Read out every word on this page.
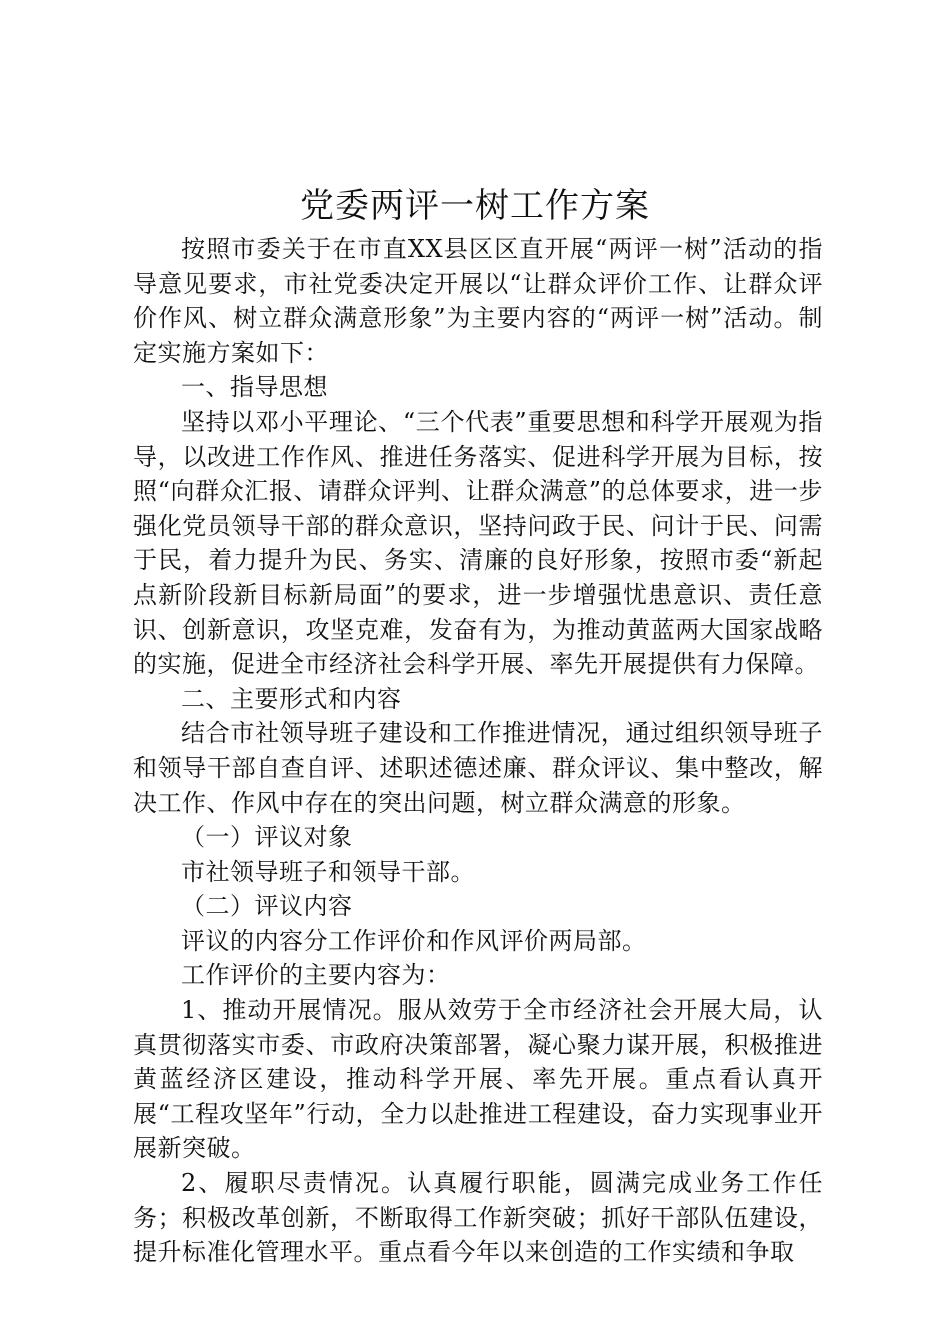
党委两评一树工作方案

按照市委关于在市直XX县区区直开展“两评一树”活动的指导意见要求，市社党委决定开展以“让群众评价工作、让群众评价作风、树立群众满意形象”为主要内容的“两评一树”活动。制定实施方案如下：

一、指导思想

坚持以邓小平理论、“三个代表”重要思想和科学开展观为指导，以改进工作作风、推进任务落实、促进科学开展为目标，按照“向群众汇报、请群众评判、让群众满意”的总体要求，进一步强化党员领导干部的群众意识，坚持问政于民、问计于民、问需于民，着力提升为民、务实、清廉的良好形象，按照市委“新起点新阶段新目标新局面”的要求，进一步增强忧患意识、责任意识、创新意识，攻坚克难，发奋有为，为推动黄蓝两大国家战略的实施，促进全市经济社会科学开展、率先开展提供有力保障。

二、主要形式和内容

结合市社领导班子建设和工作推进情况，通过组织领导班子和领导干部自查自评、述职述德述廉、群众评议、集中整改，解决工作、作风中存在的突出问题，树立群众满意的形象。

（一）评议对象

市社领导班子和领导干部。

（二）评议内容

评议的内容分工作评价和作风评价两局部。

工作评价的主要内容为：

1、推动开展情况。服从效劳于全市经济社会开展大局，认真贯彻落实市委、市政府决策部署，凝心聚力谋开展，积极推进黄蓝经济区建设，推动科学开展、率先开展。重点看认真开展“工程攻坚年”行动，全力以赴推进工程建设，奋力实现事业开展新突破。

2、履职尽责情况。认真履行职能，圆满完成业务工作任务；积极改革创新，不断取得工作新突破；抓好干部队伍建设，提升标准化管理水平。重点看今年以来创造的工作实绩和争取
